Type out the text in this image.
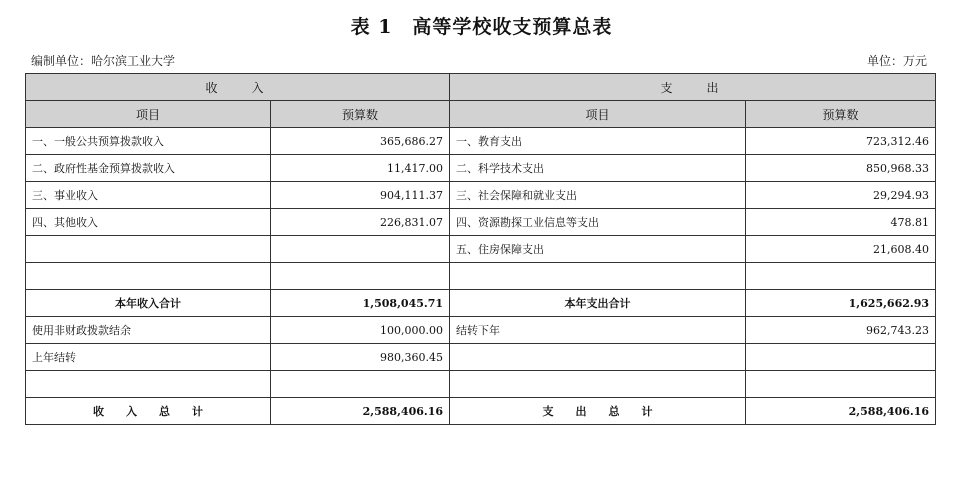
表 1　高等学校收支预算总表
编制单位：哈尔滨工业大学	单位：万元
收入		支出	
项目	预算数	项目	预算数
一、一般公共预算拨款收入	365,686.27	一、教育支出	723,312.46
二、政府性基金预算拨款收入	11,417.00	二、科学技术支出	850,968.33
三、事业收入	904,111.37	三、社会保障和就业支出	29,294.93
四、其他收入	226,831.07	四、资源勘探工业信息等支出	478.81
		五、住房保障支出	21,608.40

本年收入合计	1,508,045.71	本年支出合计	1,625,662.93
使用非财政拨款结余	100,000.00	结转下年	962,743.23
上年结转	980,360.45		

收入总计	2,588,406.16	支出总计	2,588,406.16
